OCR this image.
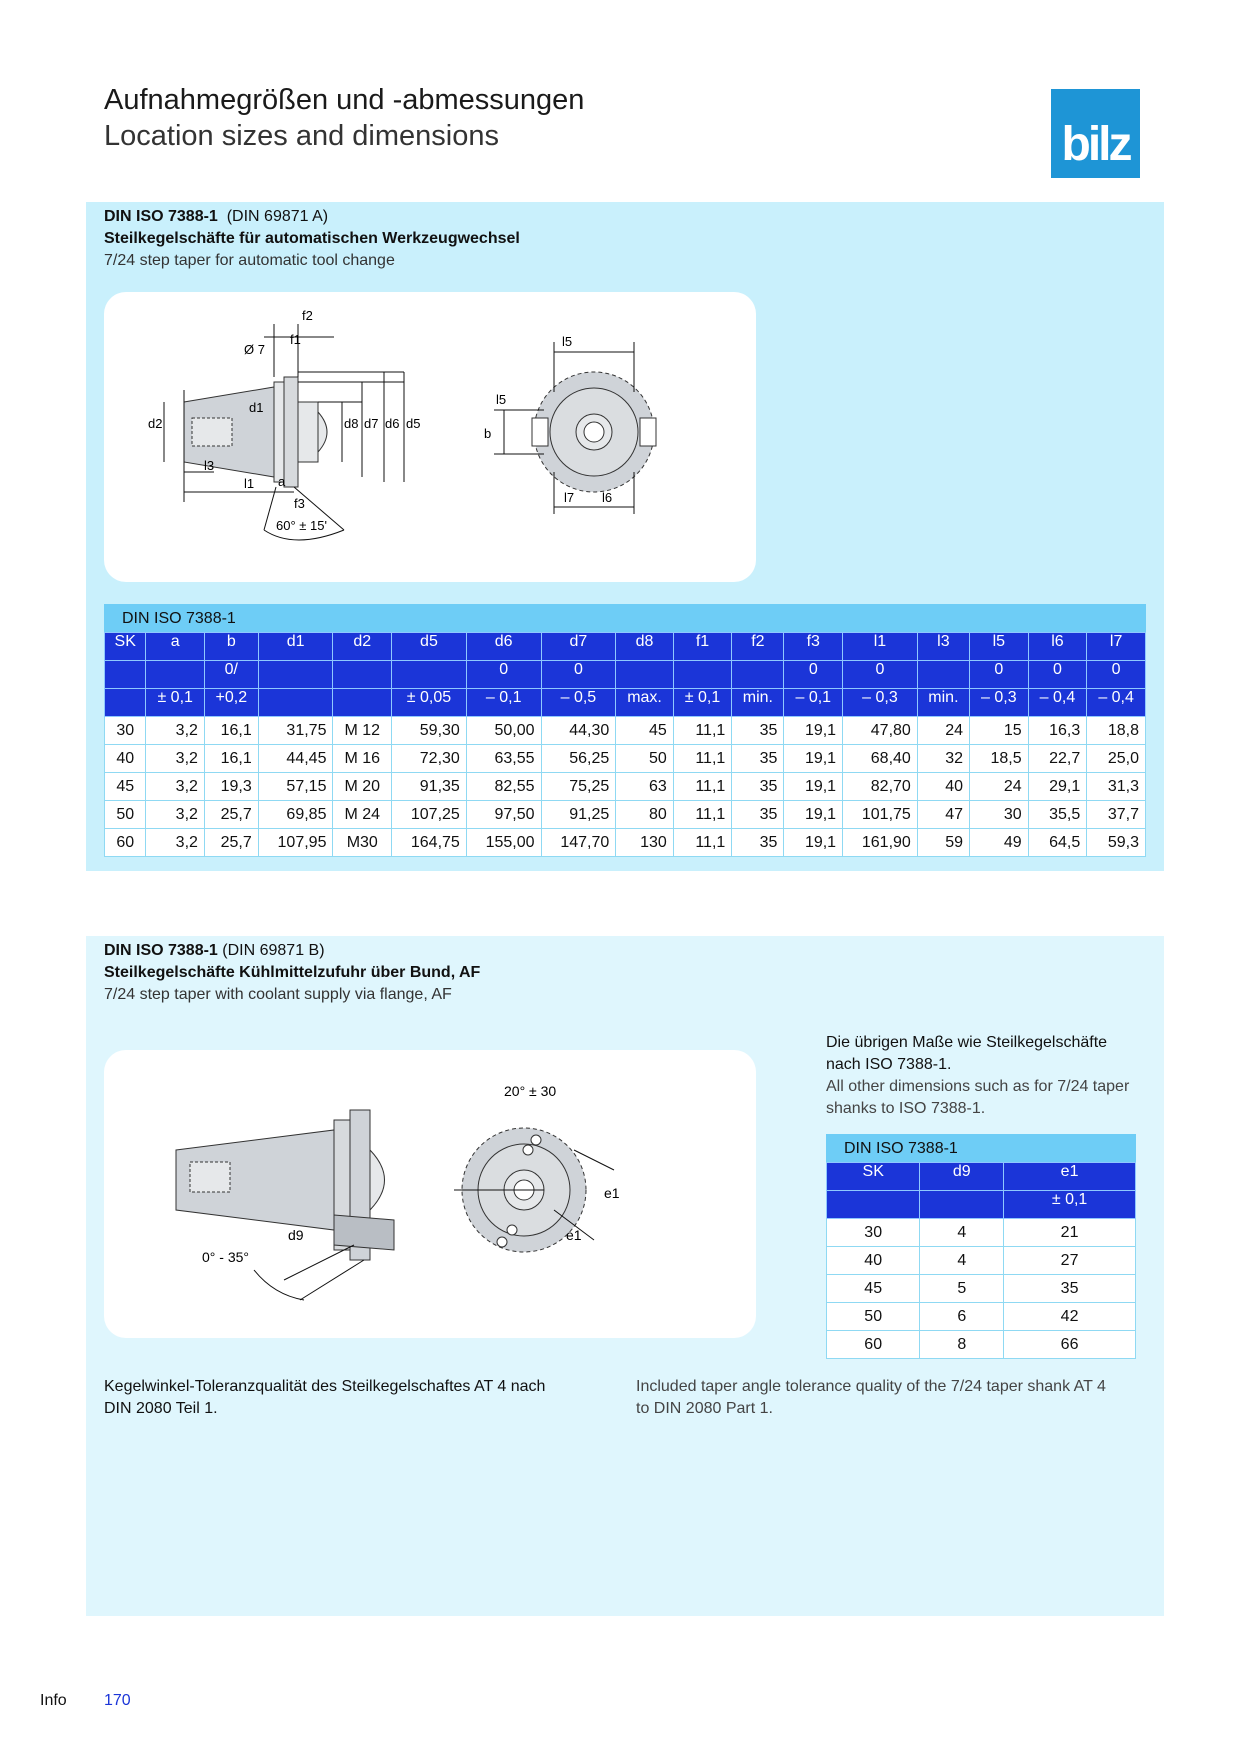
Aufnahmegrößen und -abmessungen
Location sizes and dimensions	bilz
DIN ISO 7388-1 (DIN 69871 A)
Steilkegelschäfte für automatischen Werkzeugwechsel
7/24 step taper for automatic tool change
f2
f1
Ø 7
d1
d2	d8 d7 d6 d5
l3
l1 a
f3
60° ± 15'
l5
l5
b
l7 l6
DIN ISO 7388-1
SK	a	b	d1	d2	d5	d6	d7	d8	f1	f2	f3	l1	l3	l5	l6	l7
		0/				0	0				0	0		0	0	0
	± 0,1	+0,2			± 0,05	– 0,1	– 0,5	max.	± 0,1	min.	– 0,1	– 0,3	min.	– 0,3	– 0,4	– 0,4
30	3,2	16,1	31,75	M 12	59,30	50,00	44,30	45	11,1	35	19,1	47,80	24	15	16,3	18,8
40	3,2	16,1	44,45	M 16	72,30	63,55	56,25	50	11,1	35	19,1	68,40	32	18,5	22,7	25,0
45	3,2	19,3	57,15	M 20	91,35	82,55	75,25	63	11,1	35	19,1	82,70	40	24	29,1	31,3
50	3,2	25,7	69,85	M 24	107,25	97,50	91,25	80	11,1	35	19,1	101,75	47	30	35,5	37,7
60	3,2	25,7	107,95	M30	164,75	155,00	147,70	130	11,1	35	19,1	161,90	59	49	64,5	59,3
DIN ISO 7388-1 (DIN 69871 B)
Steilkegelschäfte Kühlmittelzufuhr über Bund, AF
7/24 step taper with coolant supply via flange, AF
0° - 35°
d9
20° ± 30
e1
e1
Die übrigen Maße wie Steilkegelschäfte
nach ISO 7388-1.
All other dimensions such as for 7/24 taper
shanks to ISO 7388-1.
DIN ISO 7388-1
SK	d9	e1
		± 0,1
30	4	21
40	4	27
45	5	35
50	6	42
60	8	66
Kegelwinkel-Toleranzqualität des Steilkegelschaftes AT 4 nach
DIN 2080 Teil 1.
Included taper angle tolerance quality of the 7/24 taper shank AT 4
to DIN 2080 Part 1.
Info 170
